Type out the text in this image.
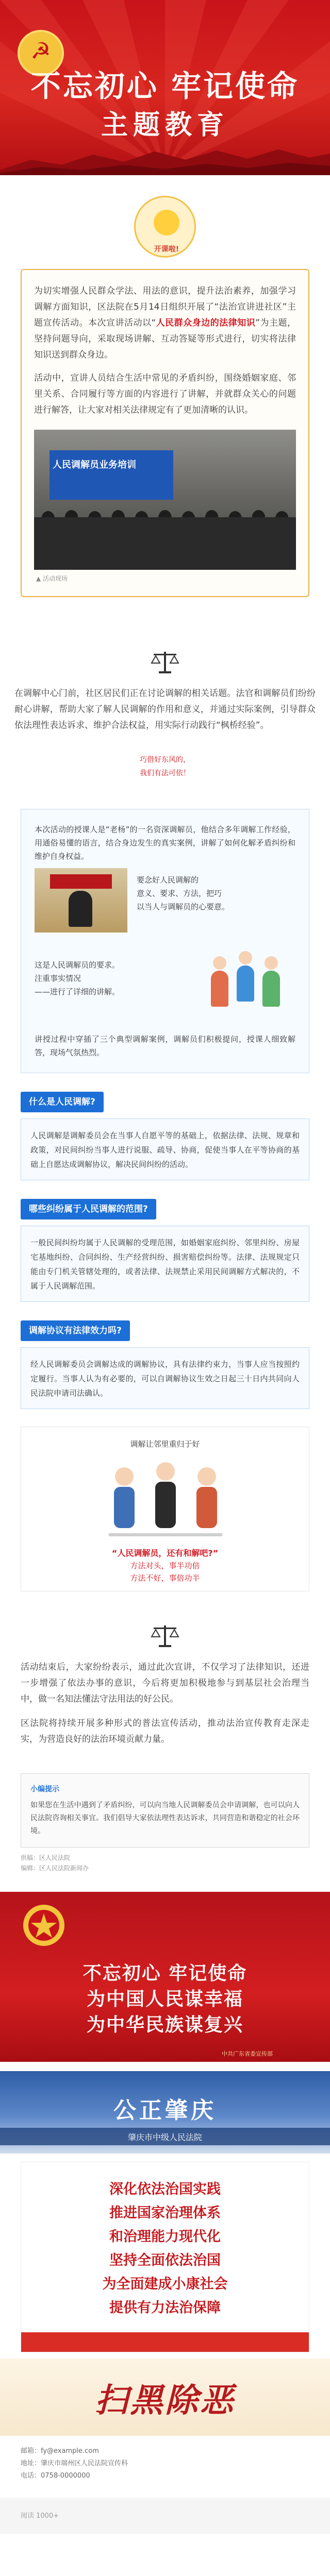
☭
不忘初心 牢记使命
主题教育
开课啦!

为切实增强人民群众学法、用法的意识，提升法治素养，加强学习调解方面知识，区法院在5月14日组织开展了“法治宣讲进社区”主题宣传活动。本次宣讲活动以“人民群众身边的法律知识”为主题，坚持问题导向，采取现场讲解、互动答疑等形式进行，切实将法律知识送到群众身边。

活动中，宣讲人员结合生活中常见的矛盾纠纷，围绕婚姻家庭、邻里关系、合同履行等方面的内容进行了讲解，并就群众关心的问题进行解答，让大家对相关法律规定有了更加清晰的认识。

人民调解员业务培训
▲ 活动现场

在调解中心门前，社区居民们正在讨论调解的相关话题。法官和调解员们纷纷耐心讲解，帮助大家了解人民调解的作用和意义，并通过实际案例，引导群众依法理性表达诉求、维护合法权益，用实际行动践行“枫桥经验”。

巧借好东风的，
我们有法可依！

本次活动的授课人是“老杨”的一名资深调解员，他结合多年调解工作经验，用通俗易懂的语言，结合身边发生的真实案例，讲解了如何化解矛盾纠纷和维护自身权益。

要念好人民调解的
意义、要求、方法，把巧
以当人与调解员的心要意。
这是人民调解员的要求。
注重事实情况
——进行了详细的讲解。

讲授过程中穿插了三个典型调解案例，调解员们积极提问，授课人细致解答，现场气氛热烈。

什么是人民调解?

人民调解是调解委员会在当事人自愿平等的基础上，依据法律、法规、规章和政策，对民间纠纷当事人进行说服、疏导、协商，促使当事人在平等协商的基础上自愿达成调解协议，解决民间纠纷的活动。

哪些纠纷属于人民调解的范围?

一般民间纠纷均属于人民调解的受理范围，如婚姻家庭纠纷、邻里纠纷、房屋宅基地纠纷、合同纠纷、生产经营纠纷、损害赔偿纠纷等。法律、法规规定只能由专门机关管辖处理的，或者法律、法规禁止采用民间调解方式解决的，不属于人民调解范围。

调解协议有法律效力吗?

经人民调解委员会调解达成的调解协议，具有法律约束力，当事人应当按照约定履行。当事人认为有必要的，可以自调解协议生效之日起三十日内共同向人民法院申请司法确认。

调解让邻里重归于好
“人民调解员，还有和解吧?”
方法对头，事半功倍
方法不好，事倍功半

活动结束后，大家纷纷表示，通过此次宣讲，不仅学习了法律知识，还进一步增强了依法办事的意识，今后将更加积极地参与到基层社会治理当中，做一名知法懂法守法用法的好公民。

区法院将持续开展多种形式的普法宣传活动，推动法治宣传教育走深走实，为营造良好的法治环境贡献力量。

小编提示

如果您在生活中遇到了矛盾纠纷，可以向当地人民调解委员会申请调解，也可以向人民法院咨询相关事宜。我们倡导大家依法理性表达诉求，共同营造和谐稳定的社会环境。

供稿：区人民法院
编辑：区人民法院新闻办
不忘初心 牢记使命
为中国人民谋幸福
为中华民族谋复兴
中共广东省委宣传部
公正肇庆
肇庆市中级人民法院
深化依法治国实践
推进国家治理体系
和治理能力现代化
坚持全面依法治国
为全面建成小康社会
提供有力法治保障
扫黑除恶
邮箱：fy@example.com
地址：肇庆市端州区人民法院宣传科
电话：0758-0000000
阅读 1000+
